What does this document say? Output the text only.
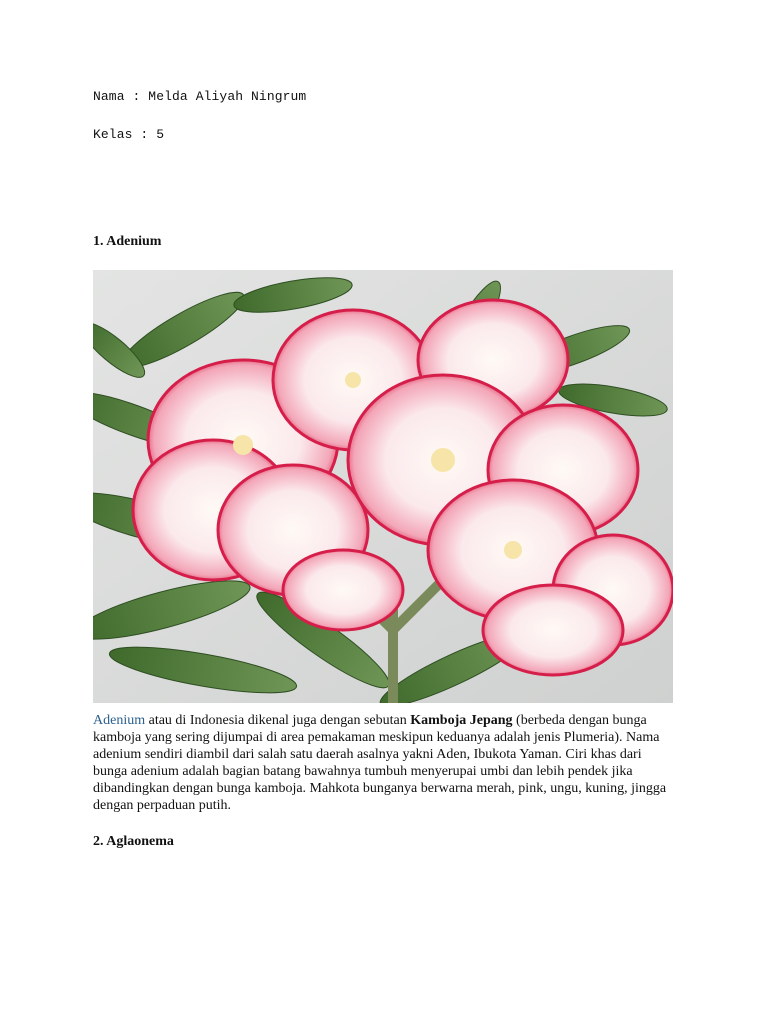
Nama : Melda Aliyah Ningrum
Kelas : 5
1. Adenium
Adenium atau di Indonesia dikenal juga dengan sebutan Kamboja Jepang (berbeda dengan bunga kamboja yang sering dijumpai di area pemakaman meskipun keduanya adalah jenis Plumeria). Nama adenium sendiri diambil dari salah satu daerah asalnya yakni Aden, Ibukota Yaman. Ciri khas dari bunga adenium adalah bagian batang bawahnya tumbuh menyerupai umbi dan lebih pendek jika dibandingkan dengan bunga kamboja. Mahkota bunganya berwarna merah, pink, ungu, kuning, jingga dengan perpaduan putih.
2. Aglaonema
